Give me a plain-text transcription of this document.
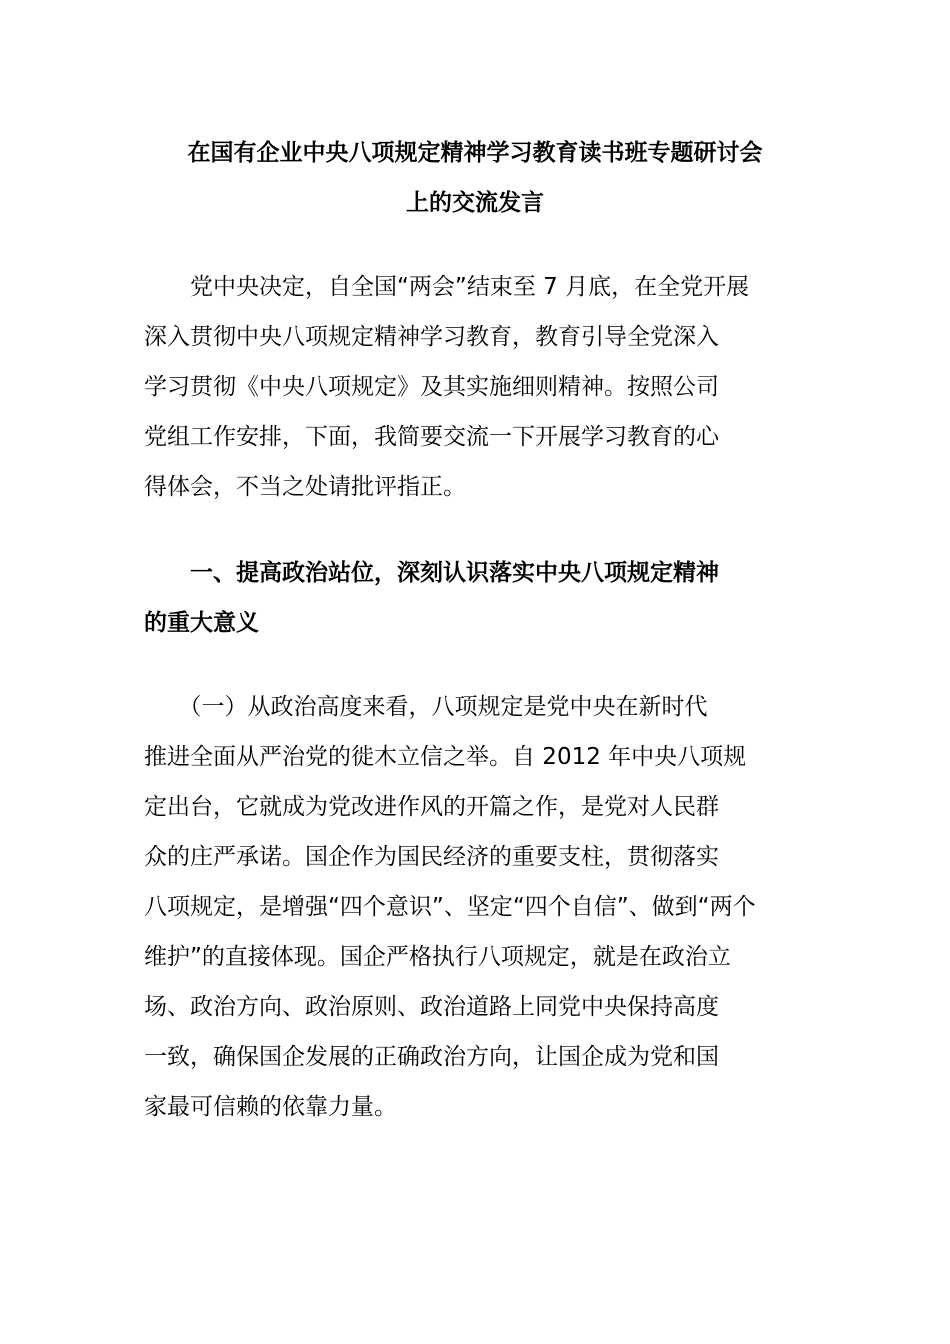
在国有企业中央八项规定精神学习教育读书班专题研讨会
上的交流发言

　　党中央决定，自全国“两会”结束至 7 月底，在全党开展
深入贯彻中央八项规定精神学习教育，教育引导全党深入
学习贯彻《中央八项规定》及其实施细则精神。按照公司
党组工作安排，下面，我简要交流一下开展学习教育的心
得体会，不当之处请批评指正。

　　一、提高政治站位，深刻认识落实中央八项规定精神
的重大意义

　　（一）从政治高度来看，八项规定是党中央在新时代
推进全面从严治党的徙木立信之举。自 2012 年中央八项规
定出台，它就成为党改进作风的开篇之作，是党对人民群
众的庄严承诺。国企作为国民经济的重要支柱，贯彻落实
八项规定，是增强“四个意识”、坚定“四个自信”、做到“两个
维护”的直接体现。国企严格执行八项规定，就是在政治立
场、政治方向、政治原则、政治道路上同党中央保持高度
一致，确保国企发展的正确政治方向，让国企成为党和国
家最可信赖的依靠力量。
